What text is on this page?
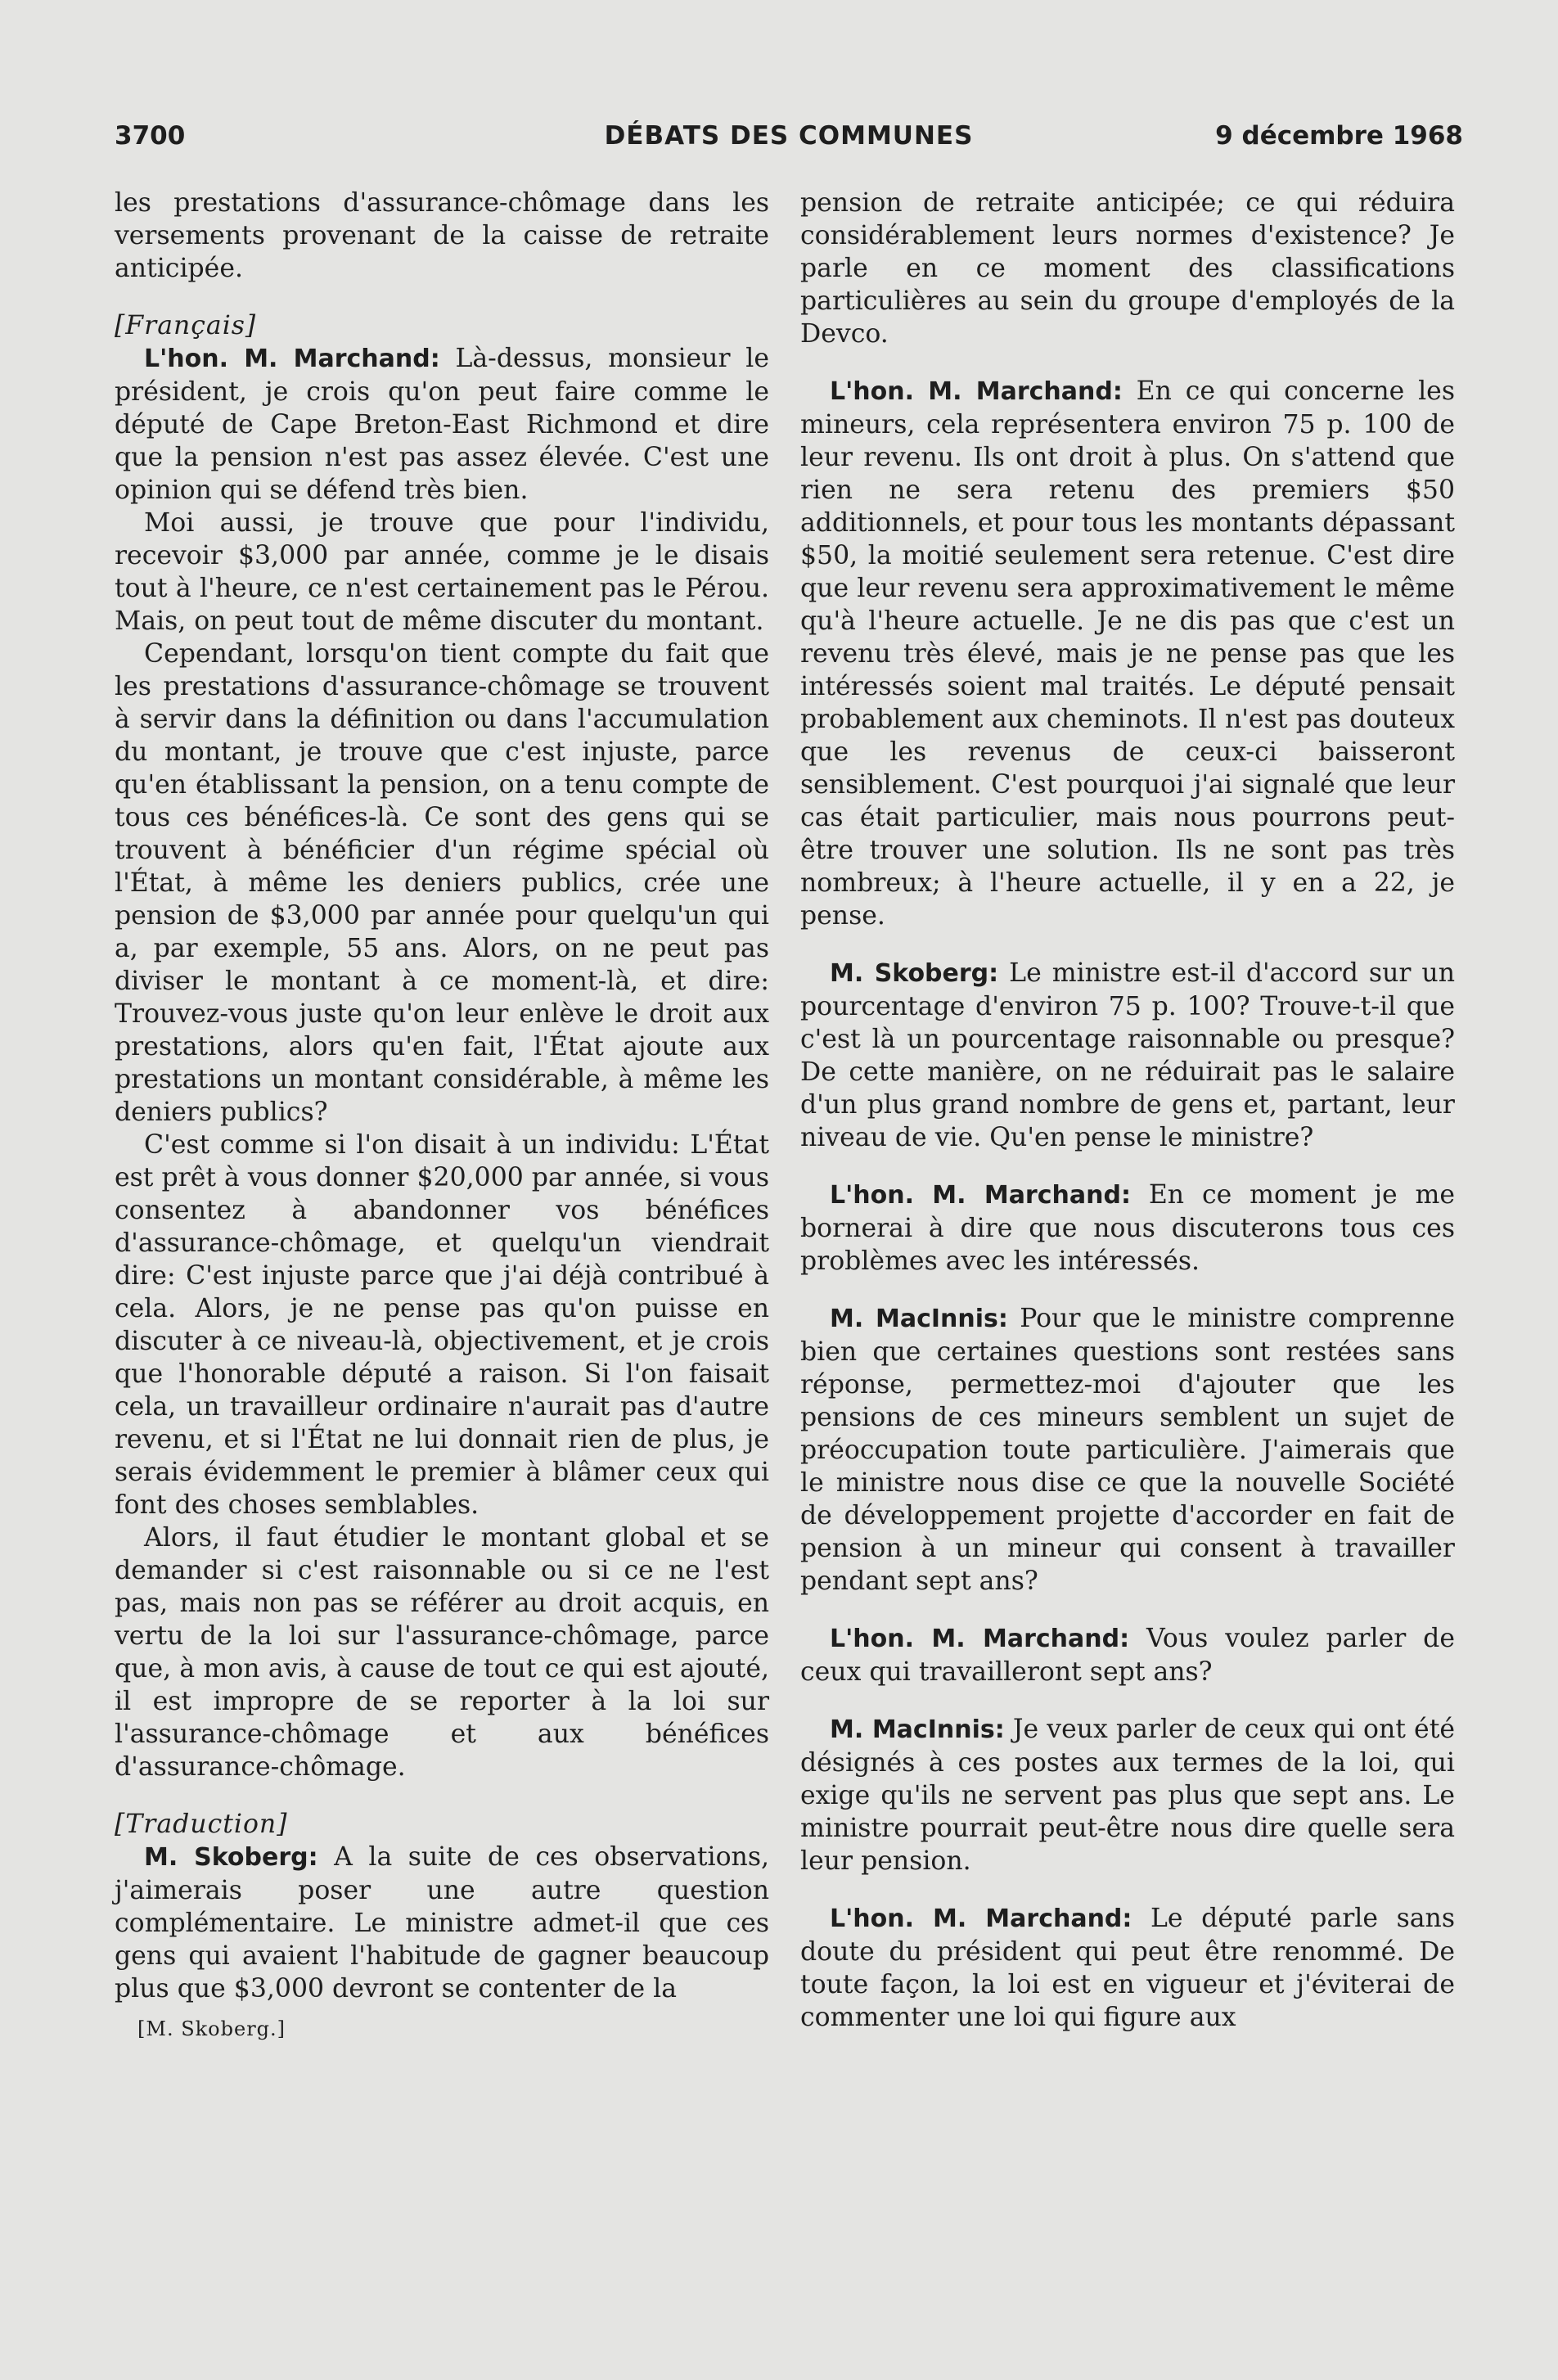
3700	DÉBATS DES COMMUNES	9 décembre 1968

les prestations d'assurance-chômage dans les versements provenant de la caisse de retraite anticipée.

[Français]

L'hon. M. Marchand: Là-dessus, monsieur le président, je crois qu'on peut faire comme le député de Cape Breton-East Richmond et dire que la pension n'est pas assez élevée. C'est une opinion qui se défend très bien.

Moi aussi, je trouve que pour l'individu, recevoir $3,000 par année, comme je le disais tout à l'heure, ce n'est certainement pas le Pérou. Mais, on peut tout de même discuter du montant.

Cependant, lorsqu'on tient compte du fait que les prestations d'assurance-chômage se trouvent à servir dans la définition ou dans l'accumulation du montant, je trouve que c'est injuste, parce qu'en établissant la pension, on a tenu compte de tous ces bénéfices-là. Ce sont des gens qui se trouvent à bénéficier d'un régime spécial où l'État, à même les deniers publics, crée une pension de $3,000 par année pour quelqu'un qui a, par exemple, 55 ans. Alors, on ne peut pas diviser le montant à ce moment-là, et dire: Trouvez-vous juste qu'on leur enlève le droit aux prestations, alors qu'en fait, l'État ajoute aux prestations un montant considérable, à même les deniers publics?

C'est comme si l'on disait à un individu: L'État est prêt à vous donner $20,000 par année, si vous consentez à abandonner vos bénéfices d'assurance-chômage, et quelqu'un viendrait dire: C'est injuste parce que j'ai déjà contribué à cela. Alors, je ne pense pas qu'on puisse en discuter à ce niveau-là, objectivement, et je crois que l'honorable député a raison. Si l'on faisait cela, un travailleur ordinaire n'aurait pas d'autre revenu, et si l'État ne lui donnait rien de plus, je serais évidemment le premier à blâmer ceux qui font des choses semblables.

Alors, il faut étudier le montant global et se demander si c'est raisonnable ou si ce ne l'est pas, mais non pas se référer au droit acquis, en vertu de la loi sur l'assurance-chômage, parce que, à mon avis, à cause de tout ce qui est ajouté, il est impropre de se reporter à la loi sur l'assurance-chômage et aux bénéfices d'assurance-chômage.

[Traduction]

M. Skoberg: A la suite de ces observations, j'aimerais poser une autre question complémentaire. Le ministre admet-il que ces gens qui avaient l'habitude de gagner beaucoup plus que $3,000 devront se contenter de la

[M. Skoberg.]

pension de retraite anticipée; ce qui réduira considérablement leurs normes d'existence? Je parle en ce moment des classifications particulières au sein du groupe d'employés de la Devco.

L'hon. M. Marchand: En ce qui concerne les mineurs, cela représentera environ 75 p. 100 de leur revenu. Ils ont droit à plus. On s'attend que rien ne sera retenu des premiers $50 additionnels, et pour tous les montants dépassant $50, la moitié seulement sera retenue. C'est dire que leur revenu sera approximativement le même qu'à l'heure actuelle. Je ne dis pas que c'est un revenu très élevé, mais je ne pense pas que les intéressés soient mal traités. Le député pensait probablement aux cheminots. Il n'est pas douteux que les revenus de ceux-ci baisseront sensiblement. C'est pourquoi j'ai signalé que leur cas était particulier, mais nous pourrons peut-être trouver une solution. Ils ne sont pas très nombreux; à l'heure actuelle, il y en a 22, je pense.

M. Skoberg: Le ministre est-il d'accord sur un pourcentage d'environ 75 p. 100? Trouve-t-il que c'est là un pourcentage raisonnable ou presque? De cette manière, on ne réduirait pas le salaire d'un plus grand nombre de gens et, partant, leur niveau de vie. Qu'en pense le ministre?

L'hon. M. Marchand: En ce moment je me bornerai à dire que nous discuterons tous ces problèmes avec les intéressés.

M. MacInnis: Pour que le ministre comprenne bien que certaines questions sont restées sans réponse, permettez-moi d'ajouter que les pensions de ces mineurs semblent un sujet de préoccupation toute particulière. J'aimerais que le ministre nous dise ce que la nouvelle Société de développement projette d'accorder en fait de pension à un mineur qui consent à travailler pendant sept ans?

L'hon. M. Marchand: Vous voulez parler de ceux qui travailleront sept ans?

M. MacInnis: Je veux parler de ceux qui ont été désignés à ces postes aux termes de la loi, qui exige qu'ils ne servent pas plus que sept ans. Le ministre pourrait peut-être nous dire quelle sera leur pension.

L'hon. M. Marchand: Le député parle sans doute du président qui peut être renommé. De toute façon, la loi est en vigueur et j'éviterai de commenter une loi qui figure aux
